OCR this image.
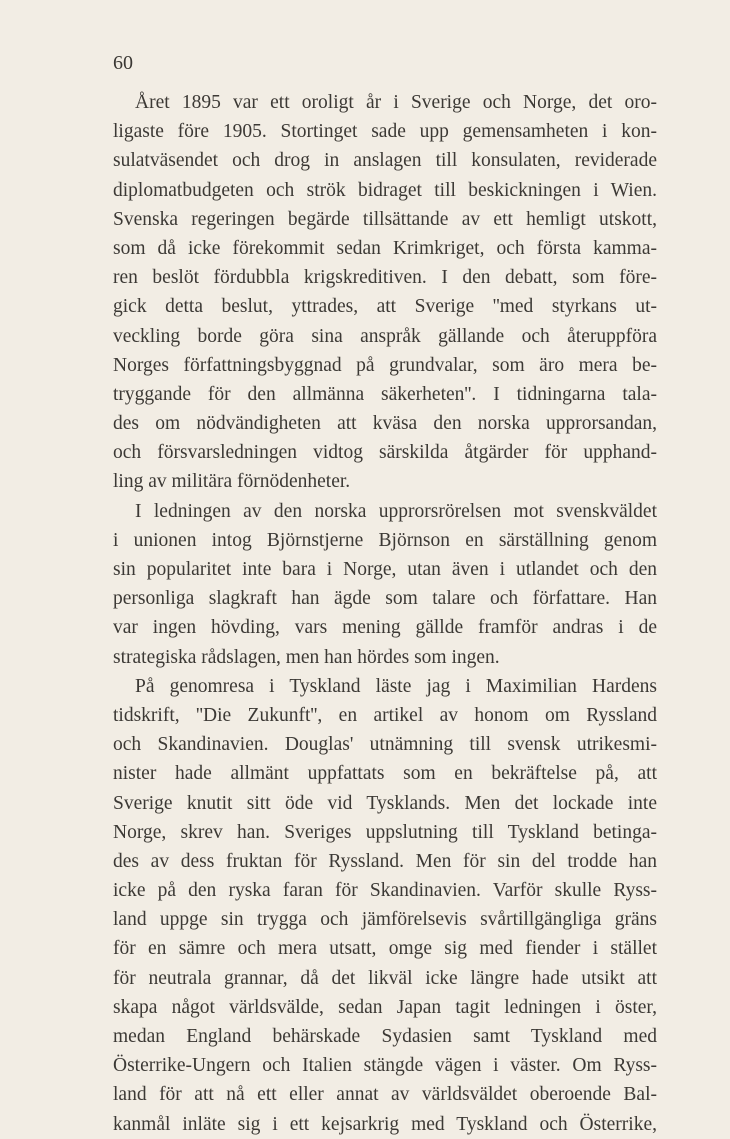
60
Året 1895 var ett oroligt år i Sverige och Norge, det oro-
ligaste före 1905. Stortinget sade upp gemensamheten i kon-
sulatväsendet och drog in anslagen till konsulaten, reviderade
diplomatbudgeten och strök bidraget till beskickningen i Wien.
Svenska regeringen begärde tillsättande av ett hemligt utskott,
som då icke förekommit sedan Krimkriget, och första kamma-
ren beslöt fördubbla krigskreditiven. I den debatt, som före-
gick detta beslut, yttrades, att Sverige ''med styrkans ut-
veckling borde göra sina anspråk gällande och återuppföra
Norges författningsbyggnad på grundvalar, som äro mera be-
tryggande för den allmänna säkerheten''. I tidningarna tala-
des om nödvändigheten att kväsa den norska upprorsandan,
och försvarsledningen vidtog särskilda åtgärder för upphand-
ling av militära förnödenheter.
I ledningen av den norska upprorsrörelsen mot svenskväldet
i unionen intog Björnstjerne Björnson en särställning genom
sin popularitet inte bara i Norge, utan även i utlandet och den
personliga slagkraft han ägde som talare och författare. Han
var ingen hövding, vars mening gällde framför andras i de
strategiska rådslagen, men han hördes som ingen.
På genomresa i Tyskland läste jag i Maximilian Hardens
tidskrift, ''Die Zukunft'', en artikel av honom om Ryssland
och Skandinavien. Douglas' utnämning till svensk utrikesmi-
nister hade allmänt uppfattats som en bekräftelse på, att
Sverige knutit sitt öde vid Tysklands. Men det lockade inte
Norge, skrev han. Sveriges uppslutning till Tyskland betinga-
des av dess fruktan för Ryssland. Men för sin del trodde han
icke på den ryska faran för Skandinavien. Varför skulle Ryss-
land uppge sin trygga och jämförelsevis svårtillgängliga gräns
för en sämre och mera utsatt, omge sig med fiender i stället
för neutrala grannar, då det likväl icke längre hade utsikt att
skapa något världsvälde, sedan Japan tagit ledningen i öster,
medan England behärskade Sydasien samt Tyskland med
Österrike-Ungern och Italien stängde vägen i väster. Om Ryss-
land för att nå ett eller annat av världsväldet oberoende Bal-
kanmål inläte sig i ett kejsarkrig med Tyskland och Österrike,
